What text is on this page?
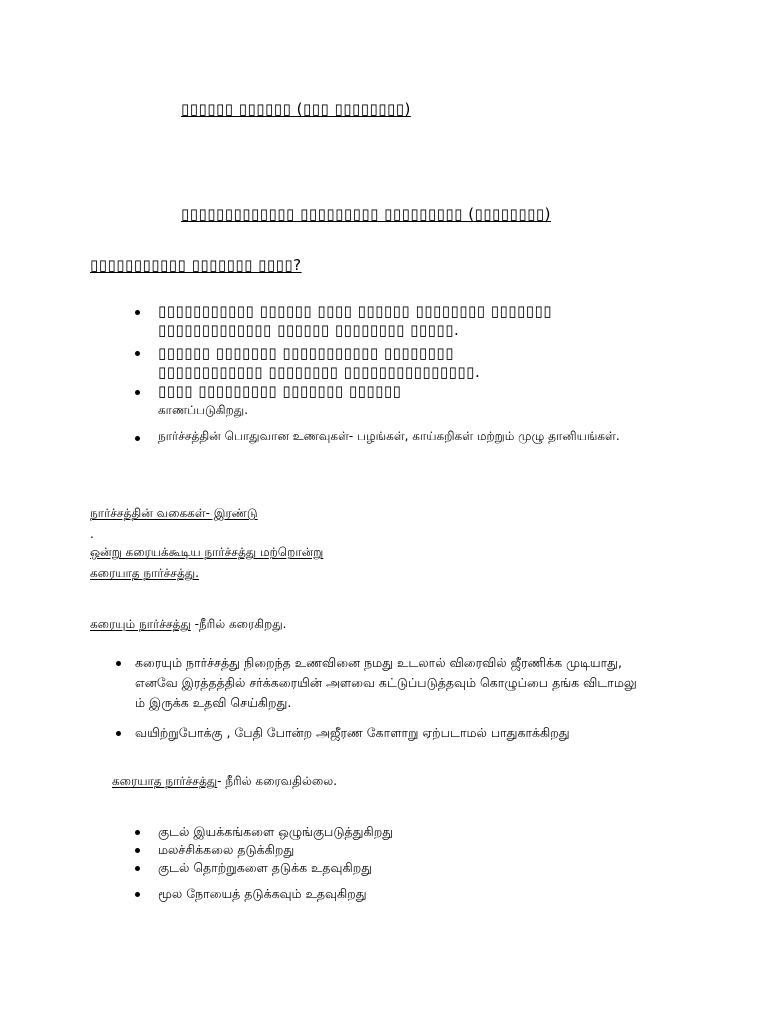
▯▯▯▯▯▯ ▯▯▯▯▯▯ (▯▯▯ ▯▯▯▯▯▯▯▯)
▯▯▯▯▯▯▯▯▯▯▯▯▯ ▯▯▯▯▯▯▯▯▯ ▯▯▯▯▯▯▯▯▯ (▯▯▯▯▯▯▯▯)
▯▯▯▯▯▯▯▯▯▯▯ ▯▯▯▯▯▯▯ ▯▯▯▯?
▯▯▯▯▯▯▯▯▯▯▯ ▯▯▯▯▯▯ ▯▯▯▯ ▯▯▯▯▯▯ ▯▯▯▯▯▯▯▯ ▯▯▯▯▯▯▯
▯▯▯▯▯▯▯▯▯▯▯▯▯ ▯▯▯▯▯▯ ▯▯▯▯▯▯▯▯ ▯▯▯▯▯.
▯▯▯▯▯▯ ▯▯▯▯▯▯▯ ▯▯▯▯▯▯▯▯▯▯▯ ▯▯▯▯▯▯▯▯
▯▯▯▯▯▯▯▯▯▯▯▯ ▯▯▯▯▯▯▯▯ ▯▯▯▯▯▯▯▯▯▯▯▯▯▯▯.
▯▯▯▯ ▯▯▯▯▯▯▯▯▯ ▯▯▯▯▯▯▯ ▯▯▯▯▯▯
காணப்படுகிறது.
நார்ச்சத்தின் பொதுவான உணவுகள்- பழங்கள், காய்கறிகள் மற்றும் முழு தானியங்கள்.
நார்ச்சத்தின் வகைகள்- இரண்டு
.
ஒன்று கரையக்கூடிய நார்ச்சத்து மற்றொன்று
கரையாத நார்ச்சத்து.
கரையும் நார்ச்சத்து -நீரில் கரைகிறது.
கரையும் நார்ச்சத்து நிறைந்த உணவினை நமது உடலால் விரைவில் ஜீரணிக்க முடியாது,
எனவே இரத்தத்தில் சர்க்கரையின் அளவை கட்டுப்படுத்தவும் கொழுப்பை தங்க விடாமலு
ம் இருக்க உதவி செய்கிறது.
வயிற்றுபோக்கு , பேதி போன்ற அஜீரண கோளாறு ஏற்படாமல் பாதுகாக்கிறது
கரையாத நார்ச்சத்து- நீரில் கரைவதில்லை.
குடல் இயக்கங்களை ஒழுங்குபடுத்துகிறது
மலச்சிக்கலை தடுக்கிறது
குடல் தொற்றுகளை தடுக்க உதவுகிறது
மூல நோயைத் தடுக்கவும் உதவுகிறது
